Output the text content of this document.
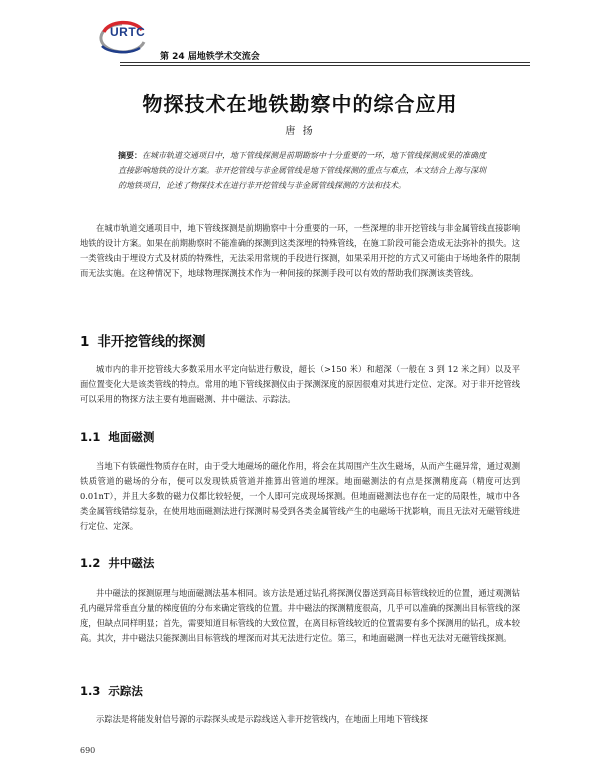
URTC
第 24 届地铁学术交流会
物探技术在地铁勘察中的综合应用
唐 扬
摘要：在城市轨道交通项目中，地下管线探测是前期勘察中十分重要的一环，地下管线探测成果的准确度直接影响地铁的设计方案。非开挖管线与非金属管线是地下管线探测的重点与难点，本文结合上海与深圳的地铁项目，论述了物探技术在进行非开挖管线与非金属管线探测的方法和技术。

在城市轨道交通项目中，地下管线探测是前期勘察中十分重要的一环，一些深埋的非开挖管线与非金属管线直接影响地铁的设计方案。如果在前期勘察时不能准确的探测到这类深埋的特殊管线，在施工阶段可能会造成无法弥补的损失。这一类管线由于埋设方式及材质的特殊性，无法采用常规的手段进行探测，如果采用开挖的方式又可能由于场地条件的限制而无法实施。在这种情况下，地球物理探测技术作为一种间接的探测手段可以有效的帮助我们探测该类管线。

1 非开挖管线的探测

城市内的非开挖管线大多数采用水平定向钻进行敷设，超长（>150 米）和超深（一般在 3 到 12 米之间）以及平面位置变化大是该类管线的特点。常用的地下管线探测仪由于探测深度的原因很难对其进行定位、定深。对于非开挖管线可以采用的物探方法主要有地面磁测、井中磁法、示踪法。

1.1 地面磁测

当地下有铁磁性物质存在时，由于受大地磁场的磁化作用，将会在其周围产生次生磁场，从而产生磁异常，通过观测铁质管道的磁场的分布，便可以发现铁质管道并推算出管道的埋深。地面磁测法的有点是探测精度高（精度可达到 0.01nT），并且大多数的磁力仪都比较轻便，一个人即可完成现场探测。但地面磁测法也存在一定的局限性，城市中各类金属管线错综复杂，在使用地面磁测法进行探测时易受到各类金属管线产生的电磁场干扰影响，而且无法对无磁管线进行定位、定深。

1.2 井中磁法

井中磁法的探测原理与地面磁测法基本相同。该方法是通过钻孔将探测仪器送到高目标管线较近的位置，通过观测钻孔内磁异常垂直分量的梯度值的分布来确定管线的位置。井中磁法的探测精度很高，几乎可以准确的探测出目标管线的深度，但缺点同样明显；首先，需要知道目标管线的大致位置，在离目标管线较近的位置需要有多个探测用的钻孔，成本较高。其次，井中磁法只能探测出目标管线的埋深而对其无法进行定位。第三，和地面磁测一样也无法对无磁管线探测。

1.3 示踪法

示踪法是将能发射信号源的示踪探头或是示踪线送入非开挖管线内，在地面上用地下管线探

690
